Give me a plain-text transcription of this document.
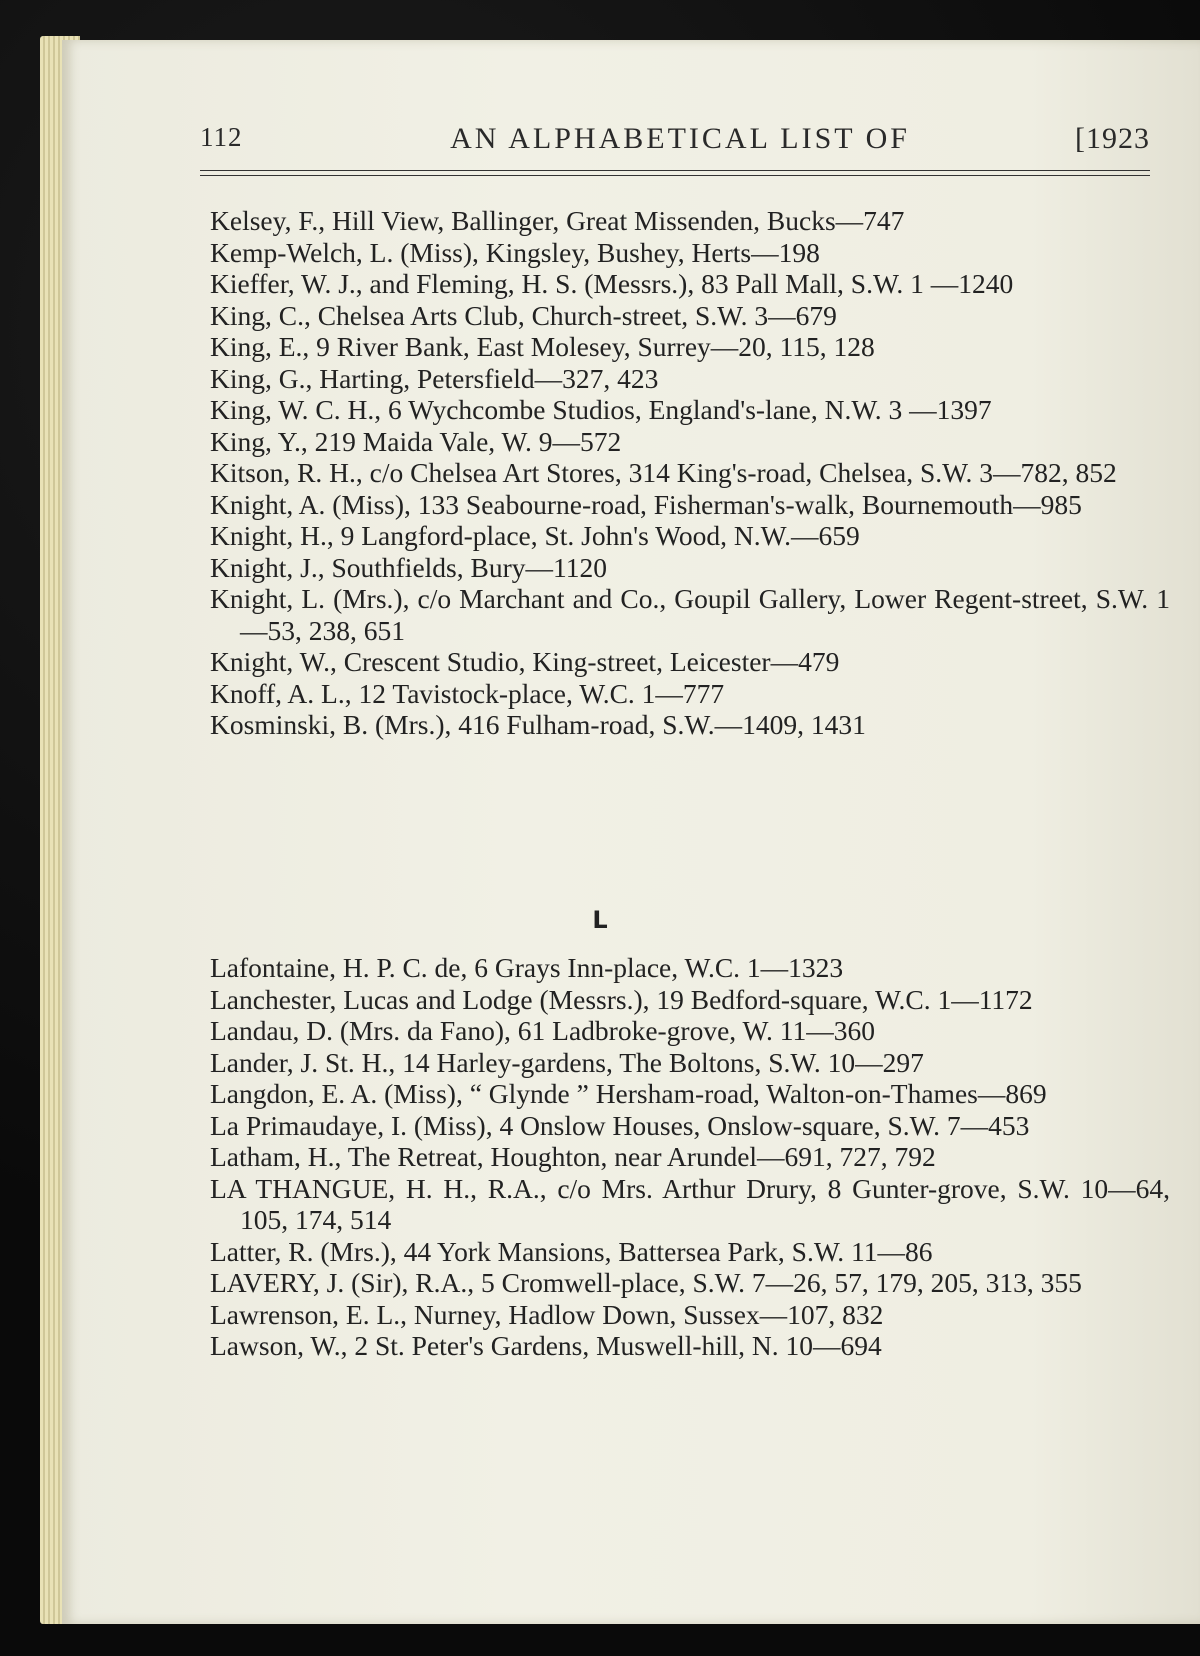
112	AN ALPHABETICAL LIST OF	[1923

Kelsey, F., Hill View, Ballinger, Great Missenden, Bucks—747

Kemp-Welch, L. (Miss), Kingsley, Bushey, Herts—198

Kieffer, W. J., and Fleming, H. S. (Messrs.), 83 Pall Mall, S.W. 1 —1240

King, C., Chelsea Arts Club, Church-street, S.W. 3—679

King, E., 9 River Bank, East Molesey, Surrey—20, 115, 128

King, G., Harting, Petersfield—327, 423

King, W. C. H., 6 Wychcombe Studios, England's-lane, N.W. 3 —1397

King, Y., 219 Maida Vale, W. 9—572

Kitson, R. H., c/o Chelsea Art Stores, 314 King's-road, Chelsea, S.W. 3—782, 852

Knight, A. (Miss), 133 Seabourne-road, Fisherman's-walk, Bournemouth—985

Knight, H., 9 Langford-place, St. John's Wood, N.W.—659

Knight, J., Southfields, Bury—1120

Knight, L. (Mrs.), c/o Marchant and Co., Goupil Gallery, Lower Regent-street, S.W. 1—53, 238, 651

Knight, W., Crescent Studio, King-street, Leicester—479

Knoff, A. L., 12 Tavistock-place, W.C. 1—777

Kosminski, B. (Mrs.), 416 Fulham-road, S.W.—1409, 1431

L

Lafontaine, H. P. C. de, 6 Grays Inn-place, W.C. 1—1323

Lanchester, Lucas and Lodge (Messrs.), 19 Bedford-square, W.C. 1—1172

Landau, D. (Mrs. da Fano), 61 Ladbroke-grove, W. 11—360

Lander, J. St. H., 14 Harley-gardens, The Boltons, S.W. 10—297

Langdon, E. A. (Miss), “ Glynde ” Hersham-road, Walton-on-Thames—869

La Primaudaye, I. (Miss), 4 Onslow Houses, Onslow-square, S.W. 7—453

Latham, H., The Retreat, Houghton, near Arundel—691, 727, 792

LA THANGUE, H. H., R.A., c/o Mrs. Arthur Drury, 8 Gunter-grove, S.W. 10—64, 105, 174, 514

Latter, R. (Mrs.), 44 York Mansions, Battersea Park, S.W. 11—86

LAVERY, J. (Sir), R.A., 5 Cromwell-place, S.W. 7—26, 57, 179, 205, 313, 355

Lawrenson, E. L., Nurney, Hadlow Down, Sussex—107, 832

Lawson, W., 2 St. Peter's Gardens, Muswell-hill, N. 10—694
